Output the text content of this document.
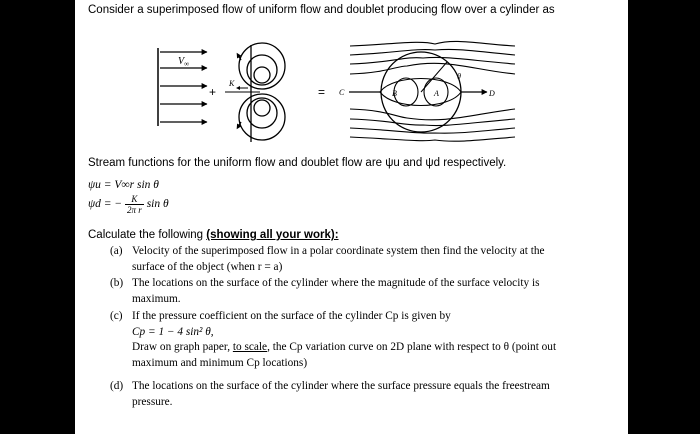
Consider a superimposed flow of uniform flow and doublet producing flow over a cylinder as
$V_\infty$
+
K
= C	D
B	A
θ
Stream functions for the uniform flow and doublet flow are ψu and ψd respectively.
ψu = V∞r sin θ
ψd = − $\frac{K}{\text{2π r}}$ sin θ
Calculate the following (showing all your work):
(a) Velocity of the superimposed flow in a polar coordinate system then find the velocity at the
surface of the object (when r = a)
(b) The locations on the surface of the cylinder where the magnitude of the surface velocity is
maximum.
(c) If the pressure coefficient on the surface of the cylinder Cp is given by
Cp = 1 − 4 sin² θ,
Draw on graph paper, to scale, the Cp variation curve on 2D plane with respect to θ (point out
maximum and minimum Cp locations)
(d) The locations on the surface of the cylinder where the surface pressure equals the freestream
pressure.
